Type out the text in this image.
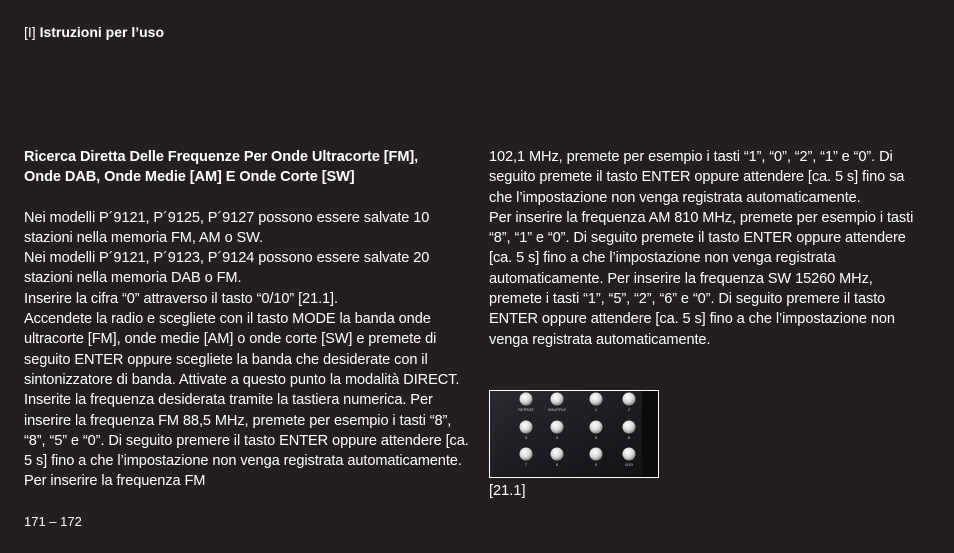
[I] Istruzioni per l’uso

Ricerca Diretta Delle Frequenze Per Onde Ultracorte [FM],
Onde DAB, Onde Medie [AM] E Onde Corte [SW]

Nei modelli P´9121, P´9125, P´9127 possono essere salvate 10 stazioni nella memoria FM, AM o SW.

Nei modelli P´9121, P´9123, P´9124 possono essere salvate 20 stazioni nella memoria DAB o FM.

Inserire la cifra “0” attraverso il tasto “0/10” [21.1].

Accendete la radio e scegliete con il tasto MODE la banda onde ultracorte [FM], onde medie [AM] o onde corte [SW] e premete di seguito ENTER oppure scegliete la banda che desiderate con il sintonizzatore di banda. Attivate a questo punto la modalità DIRECT. Inserite la frequenza desiderata tramite la tastiera numerica. Per inserire la frequenza FM 88,5 MHz, premete per esempio i tasti “8”, “8”, “5” e “0”. Di seguito premere il tasto ENTER oppure attendere [ca. 5 s] fino a che l’impostazione non venga registrata automaticamente. Per inserire la frequenza FM

102,1 MHz, premete per esempio i tasti “1”, “0”, “2”, “1” e “0”. Di seguito premete il tasto ENTER oppure attendere [ca. 5 s] fino sa che l’impostazione non venga registrata automaticamente.

Per inserire la frequenza AM 810 MHz, premete per esempio i tasti “8”, “1” e “0”. Di seguito premete il tasto ENTER oppure attendere [ca. 5 s] fino a che l’impostazione non venga registrata automaticamente. Per inserire la frequenza SW 15260 MHz, premete i tasti “1”, “5”, “2”, “6” e “0”. Di seguito premere il tasto ENTER oppure attendere [ca. 5 s] fino a che l’impostazione non venga registrata automaticamente.

REPEAT	SHUFFLE	1	2
3	4	5	6
7	8	9	0/10
[21.1]
171 – 172
